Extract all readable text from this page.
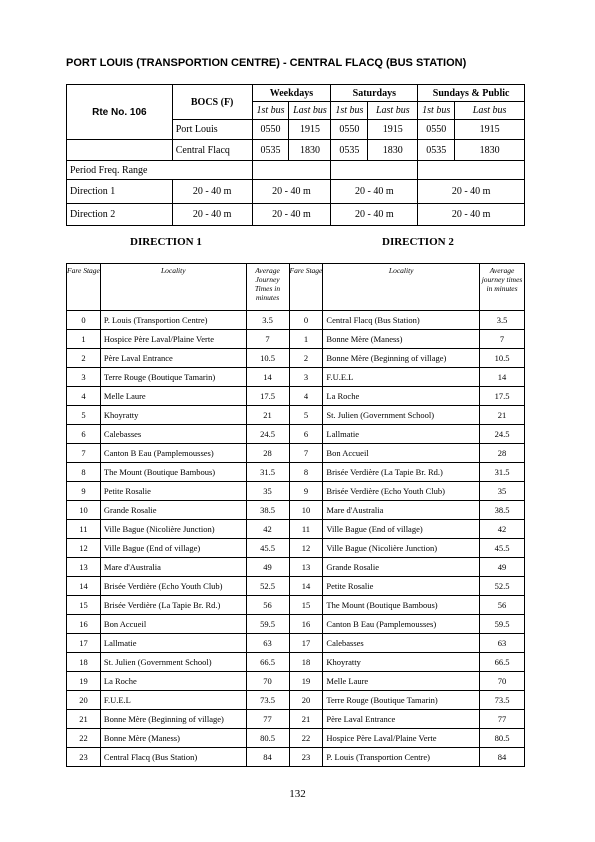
PORT LOUIS (TRANSPORTION CENTRE) - CENTRAL FLACQ (BUS STATION)
Rte No. 106	BOCS (F)	Weekdays		Saturdays		Sundays & Public	
		1st bus	Last bus	1st bus	Last bus	1st bus	Last bus
	Port Louis	0550	1915	0550	1915	0550	1915
	Central Flacq	0535	1830	0535	1830	0535	1830
Period Freq. Range							
Direction 1	20 - 40 m	20 - 40 m		20 - 40 m		20 - 40 m	
Direction 2	20 - 40 m	20 - 40 m		20 - 40 m		20 - 40 m	
DIRECTION 1	DIRECTION 2
Fare Stage	Locality	Average Journey Times in minutes	Fare Stage	Locality	Average journey times in minutes
0	P. Louis (Transportion Centre)	3.5	0	Central Flacq (Bus Station)	3.5
1	Hospice Père Laval/Plaine Verte	7	1	Bonne Mère (Maness)	7
2	Père Laval Entrance	10.5	2	Bonne Mère (Beginning of village)	10.5
3	Terre Rouge (Boutique Tamarin)	14	3	F.U.E.L	14
4	Melle Laure	17.5	4	La Roche	17.5
5	Khoyratty	21	5	St. Julien (Government School)	21
6	Calebasses	24.5	6	Lallmatie	24.5
7	Canton B Eau (Pamplemousses)	28	7	Bon Accueil	28
8	The Mount (Boutique Bambous)	31.5	8	Brisée Verdière (La Tapie Br. Rd.)	31.5
9	Petite Rosalie	35	9	Brisée Verdière (Echo Youth Club)	35
10	Grande Rosalie	38.5	10	Mare d'Australia	38.5
11	Ville Bague (Nicolière Junction)	42	11	Ville Bague (End of village)	42
12	Ville Bague (End of village)	45.5	12	Ville Bague (Nicolière Junction)	45.5
13	Mare d'Australia	49	13	Grande Rosalie	49
14	Brisée Verdière (Echo Youth Club)	52.5	14	Petite Rosalie	52.5
15	Brisée Verdière (La Tapie Br. Rd.)	56	15	The Mount (Boutique Bambous)	56
16	Bon Accueil	59.5	16	Canton B Eau (Pamplemousses)	59.5
17	Lallmatie	63	17	Calebasses	63
18	St. Julien (Government School)	66.5	18	Khoyratty	66.5
19	La Roche	70	19	Melle Laure	70
20	F.U.E.L	73.5	20	Terre Rouge (Boutique Tamarin)	73.5
21	Bonne Mère (Beginning of village)	77	21	Père Laval Entrance	77
22	Bonne Mère (Maness)	80.5	22	Hospice Père Laval/Plaine Verte	80.5
23	Central Flacq (Bus Station)	84	23	P. Louis (Transportion Centre)	84
132
